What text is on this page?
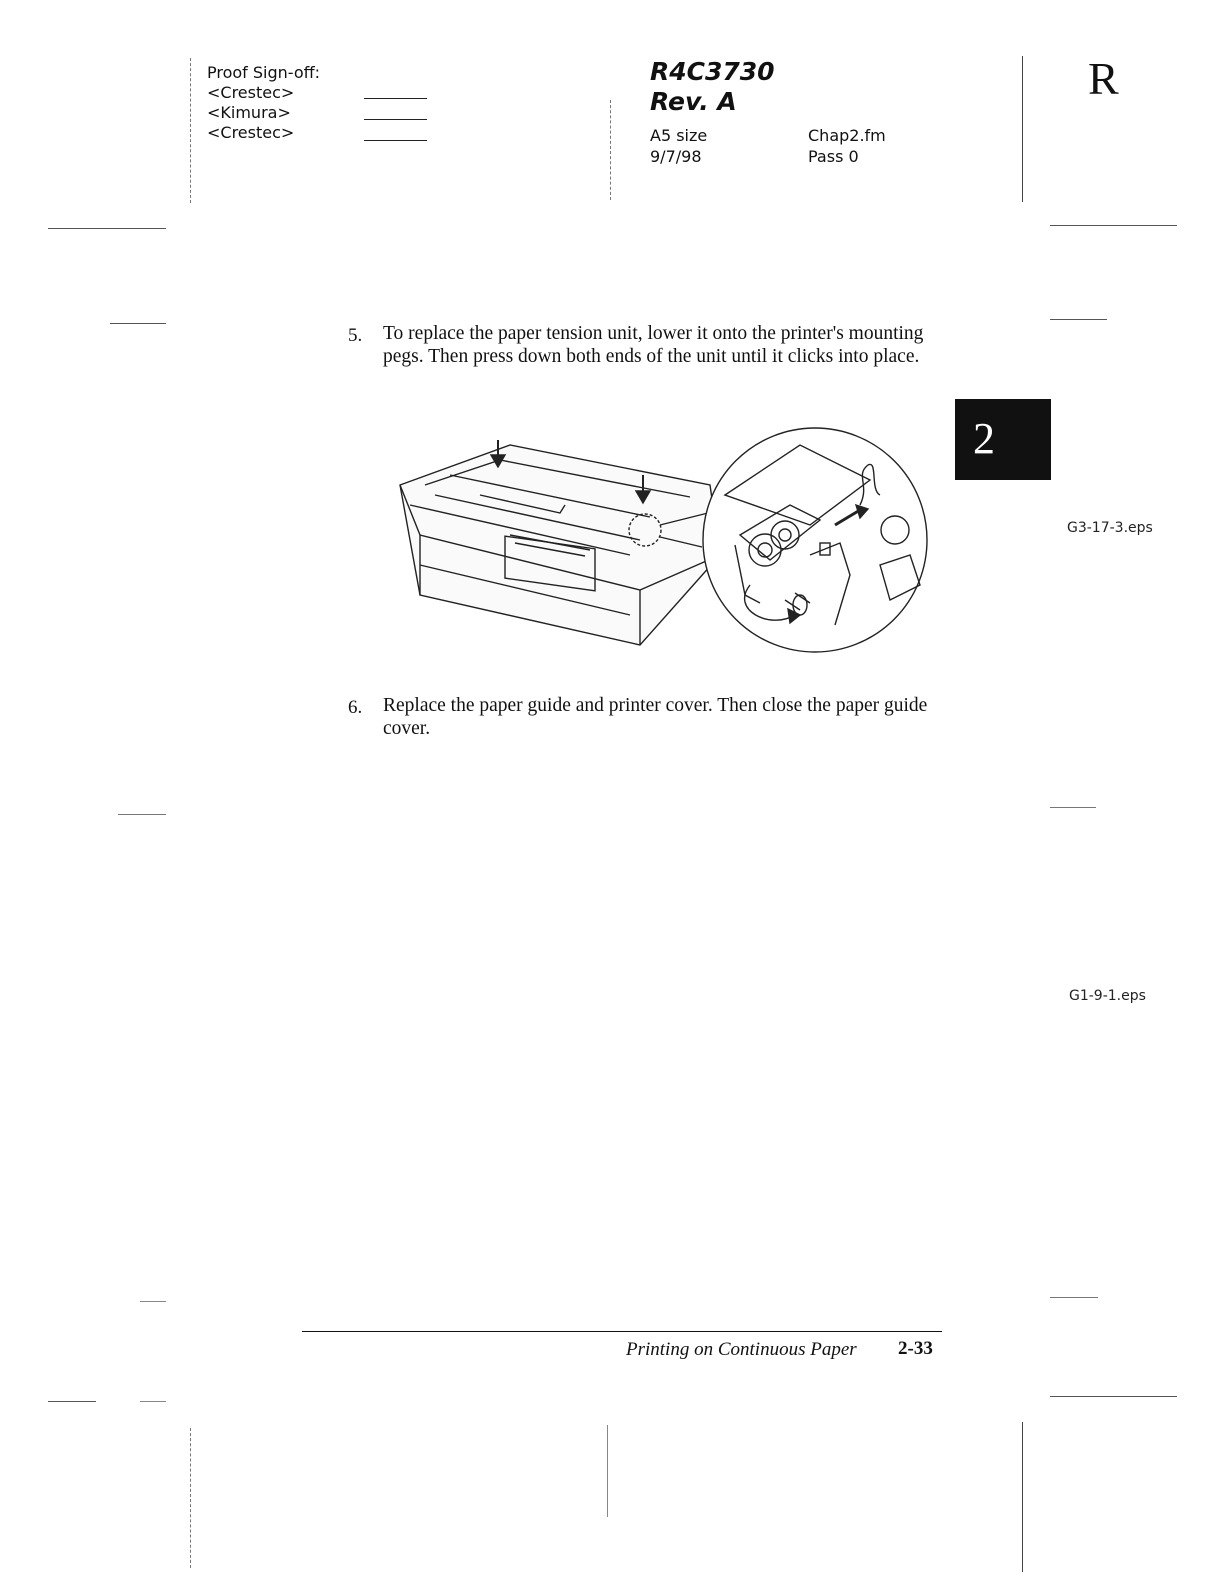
Proof Sign-off:
<Crestec>
<Kimura>
<Crestec>
R4C3730
Rev. A
A5 size
9/7/98
Chap2.fm
Pass 0
R
2
5. To replace the paper tension unit, lower it onto the printer's mounting pegs. Then press down both ends of the unit until it clicks into place.
G3-17-3.eps
6. Replace the paper guide and printer cover. Then close the paper guide cover.
G1-9-1.eps
Printing on Continuous Paper 2-33
